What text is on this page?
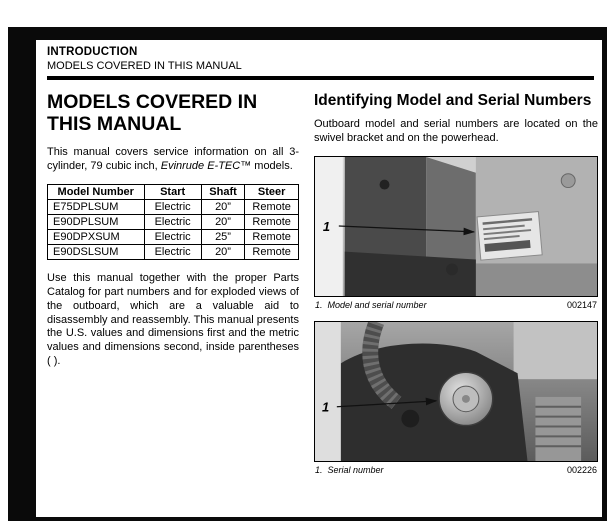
INTRODUCTION
MODELS COVERED IN THIS MANUAL
MODELS COVERED IN THIS MANUAL

This manual covers service information on all 3-cylinder, 79 cubic inch, Evinrude E-TEC™ models.

Model Number	Start	Shaft	Steer
E75DPLSUM	Electric	20”	Remote
E90DPLSUM	Electric	20”	Remote
E90DPXSUM	Electric	25”	Remote
E90DSLSUM	Electric	20”	Remote

Use this manual together with the proper Parts Catalog for part numbers and for exploded views of the outboard, which are a valuable aid to disassembly and reassembly. This manual presents the U.S. values and dimensions first and the metric values and dimensions second, inside parentheses ( ).

Identifying Model and Serial Numbers

Outboard model and serial numbers are located on the swivel bracket and on the powerhead.

1
1.  Model and serial number	002147
1
1.  Serial number	002226
